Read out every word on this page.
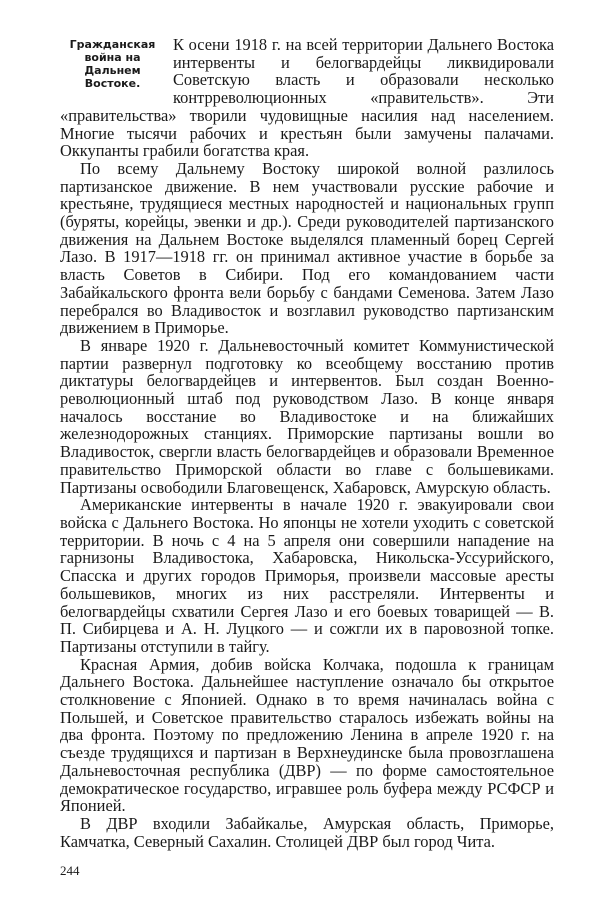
Гражданская война на Дальнем Востоке.

К осени 1918 г. на всей территории Дальнего Востока интервенты и белогвардейцы ликвидировали Советскую власть и образовали несколько контрреволюционных «правительств». Эти «правительства» творили чудовищные насилия над населением. Многие тысячи рабочих и крестьян были замучены палачами. Оккупанты грабили богатства края.

По всему Дальнему Востоку широкой волной разлилось партизанское движение. В нем участвовали русские рабочие и крестьяне, трудящиеся местных народностей и национальных групп (буряты, корейцы, эвенки и др.). Среди руководителей партизанского движения на Дальнем Востоке выделялся пламенный борец Сергей Лазо. В 1917—1918 гг. он принимал активное участие в борьбе за власть Советов в Сибири. Под его командованием части Забайкальского фронта вели борьбу с бандами Семенова. Затем Лазо перебрался во Владивосток и возглавил руководство партизанским движением в Приморье.

В январе 1920 г. Дальневосточный комитет Коммунистической партии развернул подготовку ко всеобщему восстанию против диктатуры белогвардейцев и интервентов. Был создан Военно-революционный штаб под руководством Лазо. В конце января началось восстание во Владивостоке и на ближайших железнодорожных станциях. Приморские партизаны вошли во Владивосток, свергли власть белогвардейцев и образовали Временное правительство Приморской области во главе с большевиками. Партизаны освободили Благовещенск, Хабаровск, Амурскую область.

Американские интервенты в начале 1920 г. эвакуировали свои войска с Дальнего Востока. Но японцы не хотели уходить с советской территории. В ночь с 4 на 5 апреля они совершили нападение на гарнизоны Владивостока, Хабаровска, Никольска-Уссурийского, Спасска и других городов Приморья, произвели массовые аресты большевиков, многих из них расстреляли. Интервенты и белогвардейцы схватили Сергея Лазо и его боевых товарищей — В. П. Сибирцева и А. Н. Луцкого — и сожгли их в паровозной топке. Партизаны отступили в тайгу.

Красная Армия, добив войска Колчака, подошла к границам Дальнего Востока. Дальнейшее наступление означало бы открытое столкновение с Японией. Однако в то время начиналась война с Польшей, и Советское правительство старалось избежать войны на два фронта. Поэтому по предложению Ленина в апреле 1920 г. на съезде трудящихся и партизан в Верхнеудинске была провозглашена Дальневосточная республика (ДВР) — по форме самостоятельное демократическое государство, игравшее роль буфера между РСФСР и Японией.

В ДВР входили Забайкалье, Амурская область, Приморье, Камчатка, Северный Сахалин. Столицей ДВР был город Чита.

244
